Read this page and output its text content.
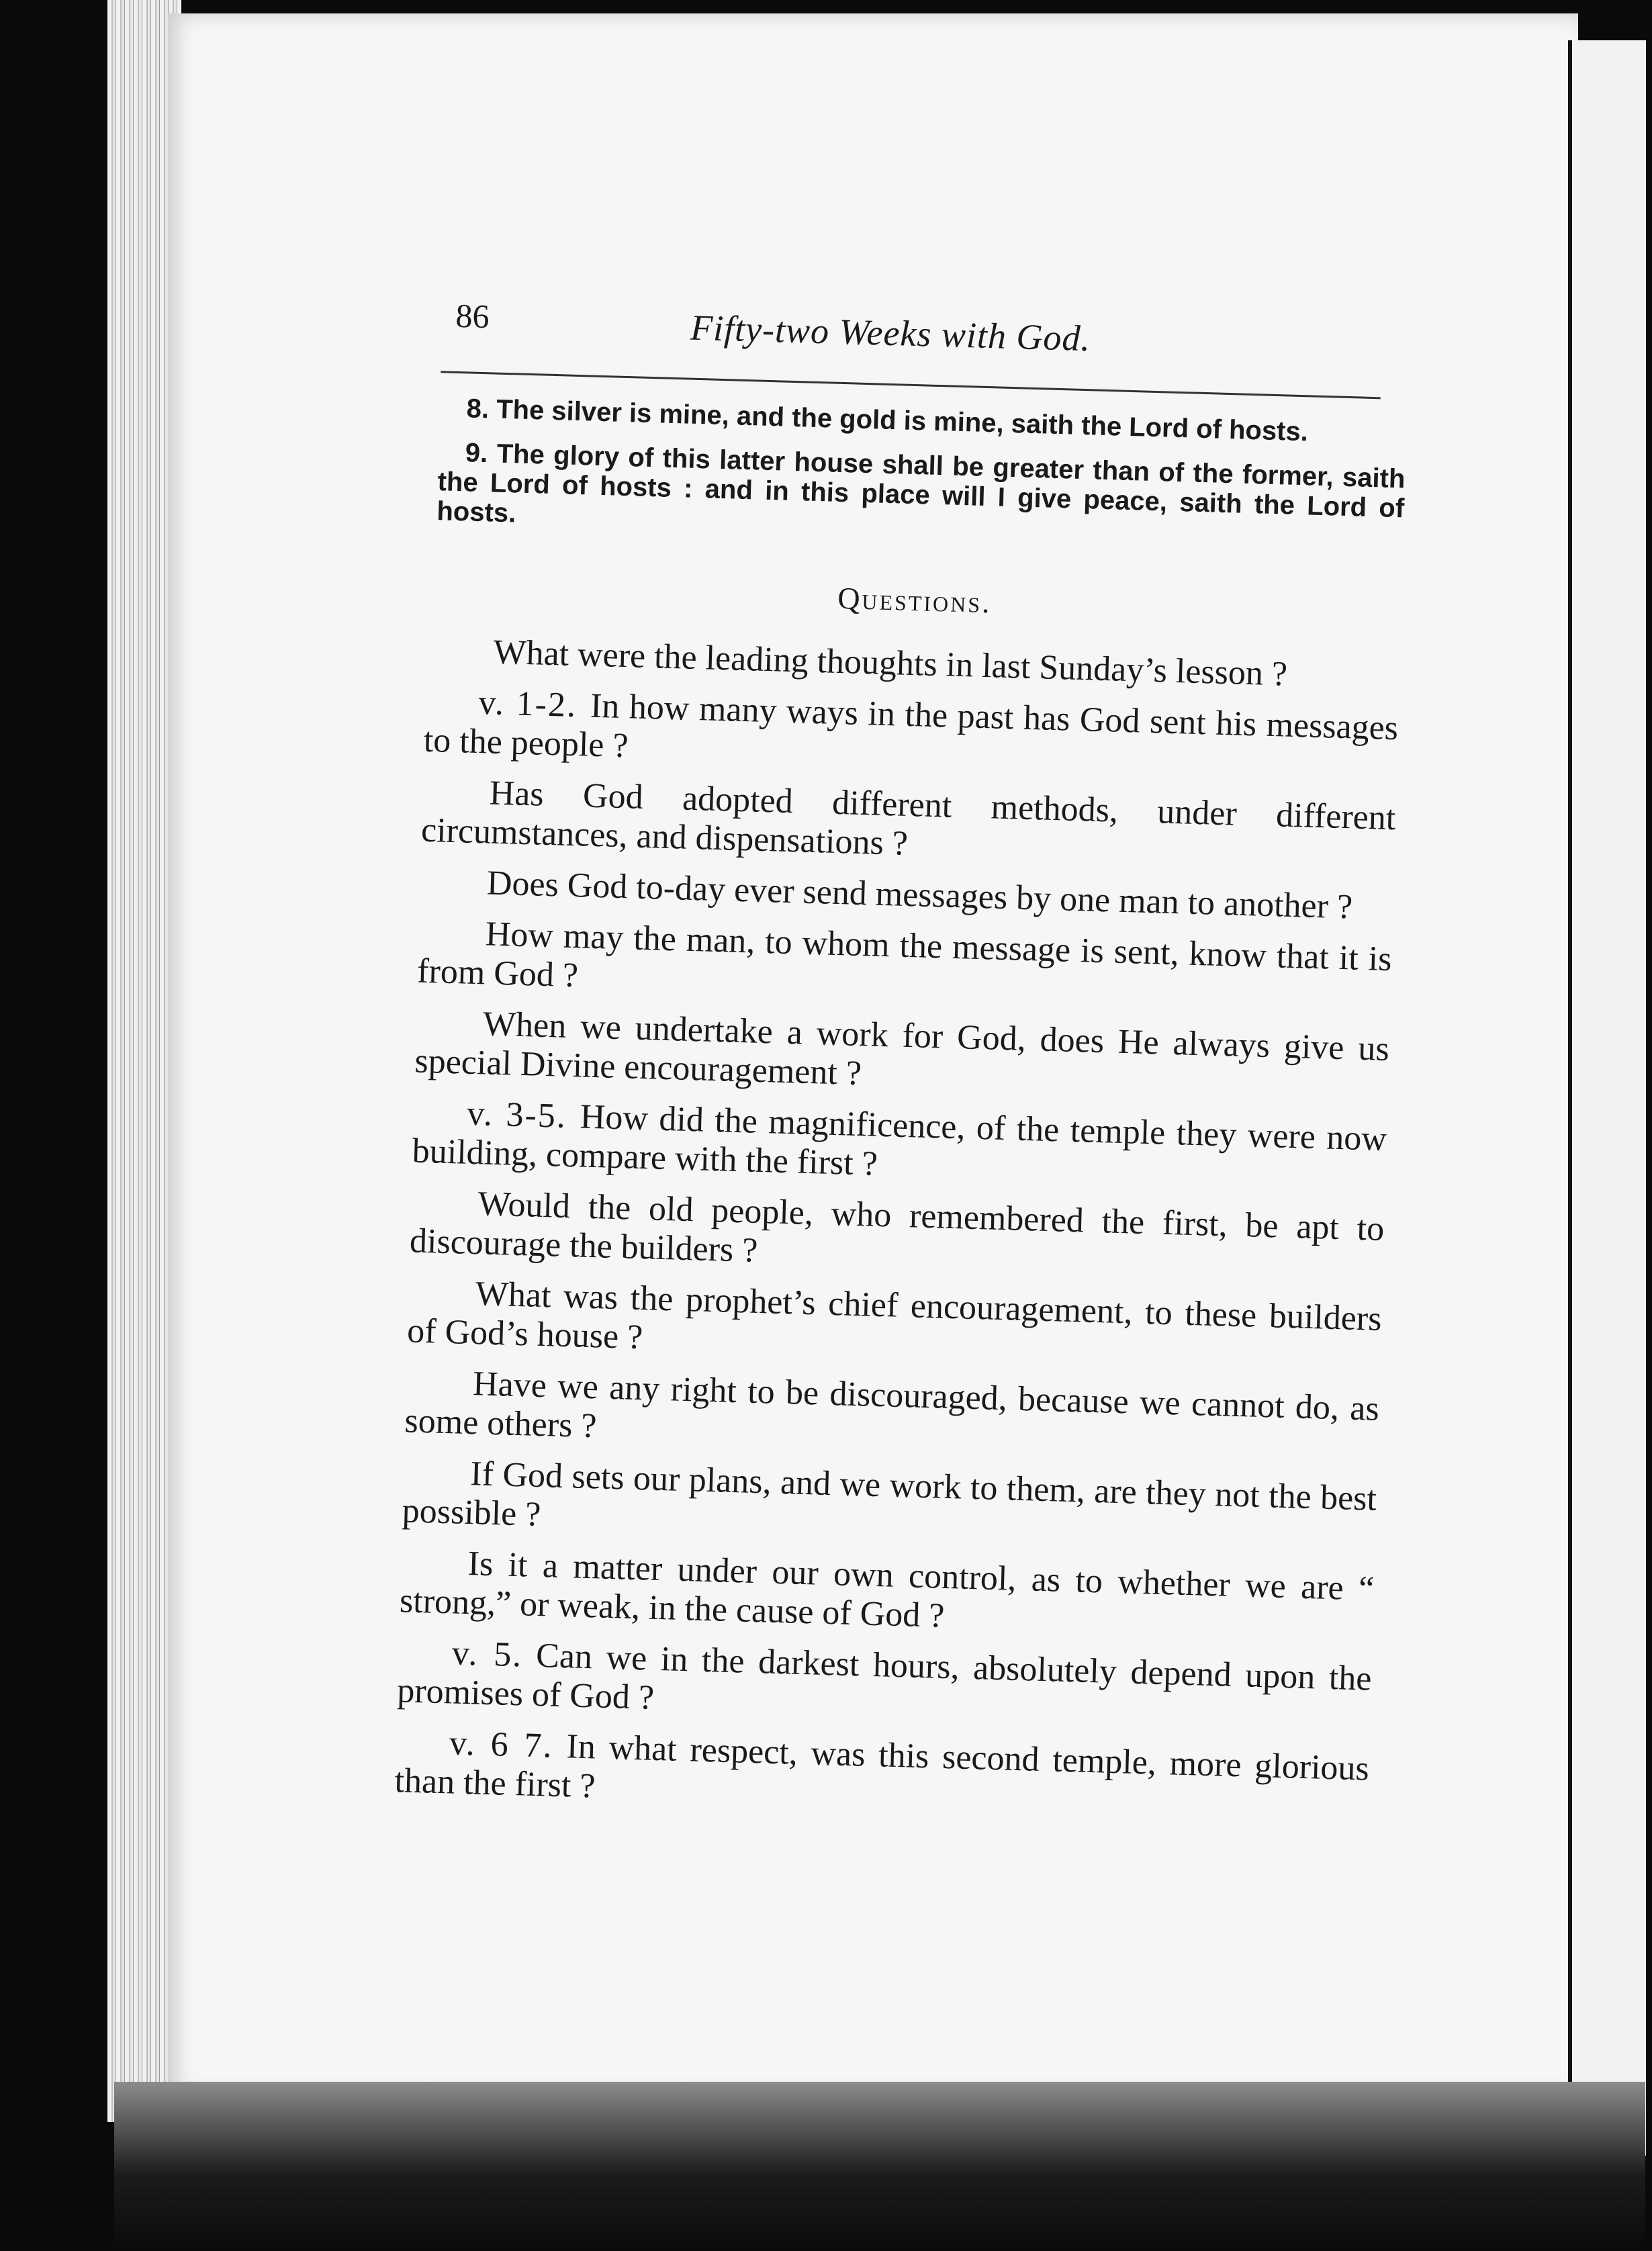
86	Fifty-two Weeks with God.

8. The silver is mine, and the gold is mine, saith the Lord of hosts.

9. The glory of this latter house shall be greater than of the former, saith the Lord of hosts : and in this place will I give peace, saith the Lord of hosts.

Questions.

What were the leading thoughts in last Sunday’s lesson ?

v. 1-2. In how many ways in the past has God sent his messages to the people ?

Has God adopted different methods, under different circumstances, and dispensations ?

Does God to-day ever send messages by one man to another ?

How may the man, to whom the message is sent, know that it is from God ?

When we undertake a work for God, does He always give us special Divine encouragement ?

v. 3-5. How did the magnificence, of the temple they were now building, compare with the first ?

Would the old people, who remembered the first, be apt to discourage the builders ?

What was the prophet’s chief encouragement, to these builders of God’s house ?

Have we any right to be discouraged, because we cannot do, as some others ?

If God sets our plans, and we work to them, are they not the best possible ?

Is it a matter under our own control, as to whether we are “ strong,” or weak, in the cause of God ?

v. 5. Can we in the darkest hours, absolutely depend upon the promises of God ?

v. 6 7. In what respect, was this second temple, more glorious than the first ?
